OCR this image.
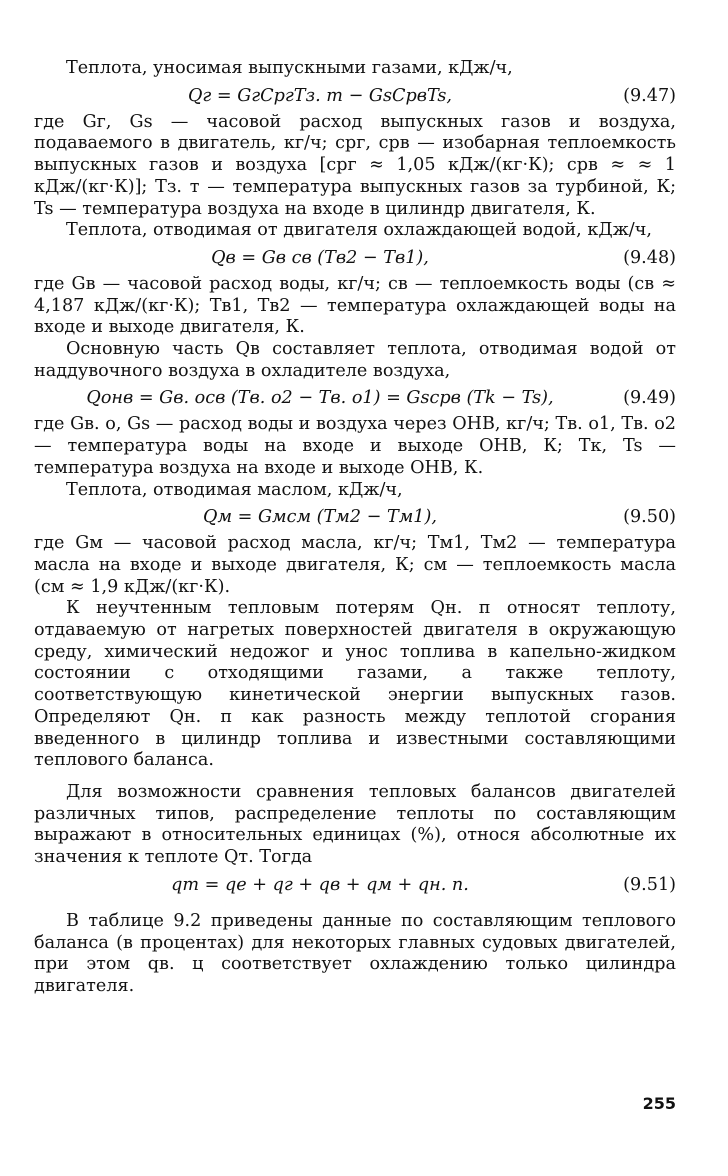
Теплота, уносимая выпускными газами, кДж/ч,

Qг = GгCргTз. т − GsCрвTs,	(9.47)

где Gг, Gs — часовой расход выпускных газов и воздуха, подаваемого в двигатель, кг/ч; cрг, cрв — изобарная теплоемкость выпускных газов и воздуха [cрг ≈ 1,05 кДж/(кг·К); cрв ≈ ≈ 1 кДж/(кг·К)]; Tз. т — температура выпускных газов за турбиной, К; Ts — температура воздуха на входе в цилиндр двигателя, К.

Теплота, отводимая от двигателя охлаждающей водой, кДж/ч,

Qв = Gв cв (Tв2 − Tв1),	(9.48)

где Gв — часовой расход воды, кг/ч; cв — теплоемкость воды (cв ≈ 4,187 кДж/(кг·К); Tв1, Tв2 — температура охлаждающей воды на входе и выходе двигателя, К.

Основную часть Qв составляет теплота, отводимая водой от наддувочного воздуха в охладителе воздуха,

Qонв = Gв. оcв (Tв. о2 − Tв. о1) = Gscрв (Tk − Ts),	(9.49)

где Gв. о, Gs — расход воды и воздуха через ОНВ, кг/ч; Tв. о1, Tв. о2 — температура воды на входе и выходе ОНВ, К; Tк, Ts — температура воздуха на входе и выходе ОНВ, К.

Теплота, отводимая маслом, кДж/ч,

Qм = Gмcм (Tм2 − Tм1),	(9.50)

где Gм — часовой расход масла, кг/ч; Tм1, Tм2 — температура масла на входе и выходе двигателя, К; cм — теплоемкость масла (cм ≈ 1,9 кДж/(кг·К).

К неучтенным тепловым потерям Qн. п относят теплоту, отдаваемую от нагретых поверхностей двигателя в окружающую среду, химический недожог и унос топлива в капельно-жидком состоянии с отходящими газами, а также теплоту, соответствующую кинетической энергии выпускных газов. Определяют Qн. п как разность между теплотой сгорания введенного в цилиндр топлива и известными составляющими теплового баланса.

Для возможности сравнения тепловых балансов двигателей различных типов, распределение теплоты по составляющим выражают в относительных единицах (%), относя абсолютные их значения к теплоте Qт. Тогда

qт = qe + qг + qв + qм + qн. п.	(9.51)

В таблице 9.2 приведены данные по составляющим теплового баланса (в процентах) для некоторых главных судовых двигателей, при этом qв. ц соответствует охлаждению только цилиндра двигателя.

255
